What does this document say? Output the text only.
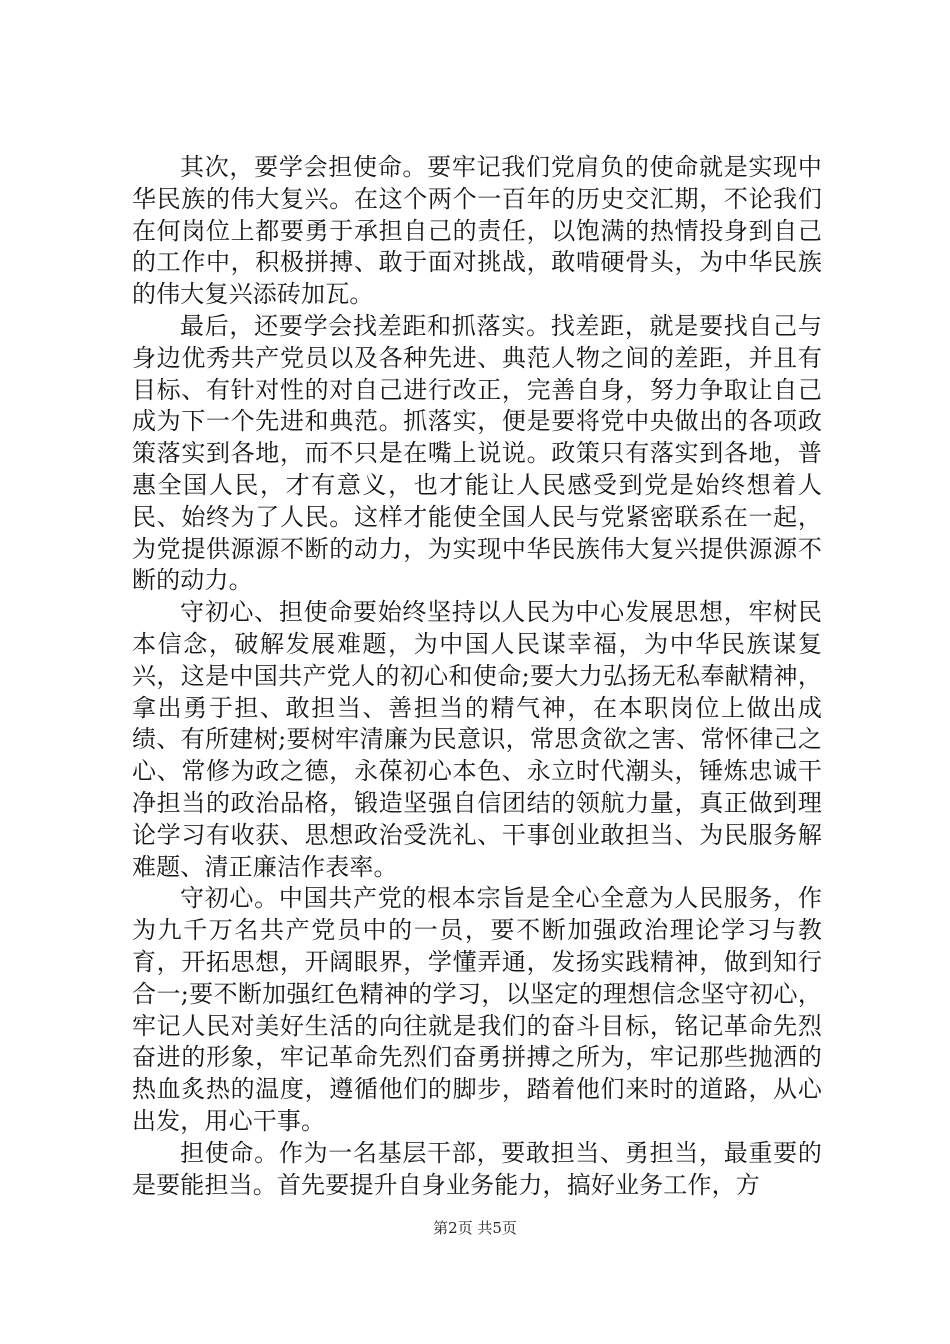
其次，要学会担使命。要牢记我们党肩负的使命就是实现中华民族的伟大复兴。在这个两个一百年的历史交汇期，不论我们在何岗位上都要勇于承担自己的责任，以饱满的热情投身到自己的工作中，积极拼搏、敢于面对挑战，敢啃硬骨头，为中华民族的伟大复兴添砖加瓦。

最后，还要学会找差距和抓落实。找差距，就是要找自己与身边优秀共产党员以及各种先进、典范人物之间的差距，并且有目标、有针对性的对自己进行改正，完善自身，努力争取让自己成为下一个先进和典范。抓落实，便是要将党中央做出的各项政策落实到各地，而不只是在嘴上说说。政策只有落实到各地，普惠全国人民，才有意义，也才能让人民感受到党是始终想着人民、始终为了人民。这样才能使全国人民与党紧密联系在一起，为党提供源源不断的动力，为实现中华民族伟大复兴提供源源不断的动力。

守初心、担使命要始终坚持以人民为中心发展思想，牢树民本信念，破解发展难题，为中国人民谋幸福，为中华民族谋复兴，这是中国共产党人的初心和使命;要大力弘扬无私奉献精神，拿出勇于担、敢担当、善担当的精气神，在本职岗位上做出成绩、有所建树;要树牢清廉为民意识，常思贪欲之害、常怀律己之心、常修为政之德，永葆初心本色、永立时代潮头，锤炼忠诚干净担当的政治品格，锻造坚强自信团结的领航力量，真正做到理论学习有收获、思想政治受洗礼、干事创业敢担当、为民服务解难题、清正廉洁作表率。

守初心。中国共产党的根本宗旨是全心全意为人民服务，作为九千万名共产党员中的一员，要不断加强政治理论学习与教育，开拓思想，开阔眼界，学懂弄通，发扬实践精神，做到知行合一;要不断加强红色精神的学习，以坚定的理想信念坚守初心，牢记人民对美好生活的向往就是我们的奋斗目标，铭记革命先烈奋进的形象，牢记革命先烈们奋勇拼搏之所为，牢记那些抛洒的热血炙热的温度，遵循他们的脚步，踏着他们来时的道路，从心出发，用心干事。

担使命。作为一名基层干部，要敢担当、勇担当，最重要的是要能担当。首先要提升自身业务能力，搞好业务工作，方

第2页 共5页
